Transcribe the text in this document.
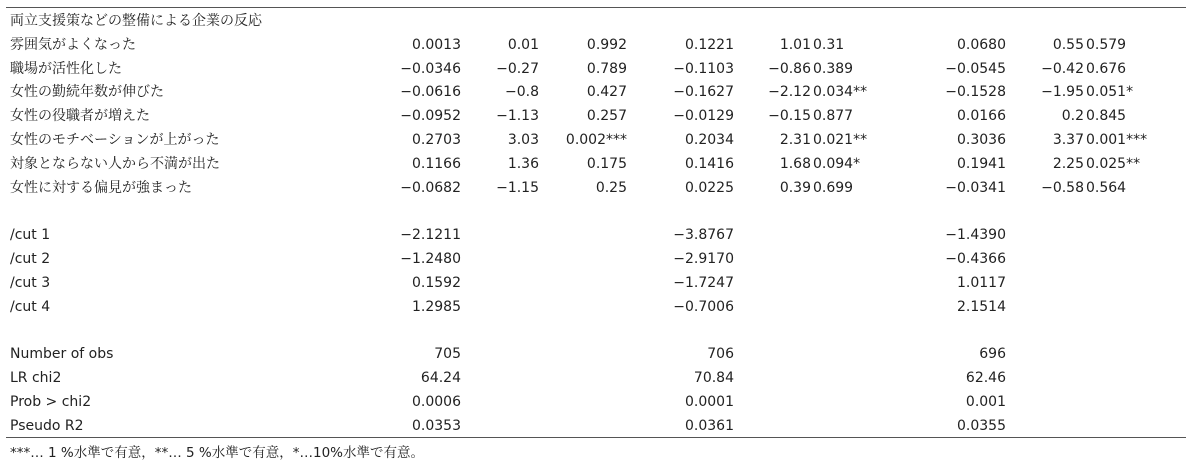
両立支援策などの整備による企業の反応									
雰囲気がよくなった	0.0013	0.01	0.992	0.1221	1.01	0.31	0.0680	0.55	0.579
職場が活性化した	−0.0346	−0.27	0.789	−0.1103	−0.86	0.389	−0.0545	−0.42	0.676
女性の勤続年数が伸びた	−0.0616	−0.8	0.427	−0.1627	−2.12	0.034**	−0.1528	−1.95	0.051*
女性の役職者が増えた	−0.0952	−1.13	0.257	−0.0129	−0.15	0.877	0.0166	0.2	0.845
女性のモチベーションが上がった	0.2703	3.03	0.002***	0.2034	2.31	0.021**	0.3036	3.37	0.001***
対象とならない人から不満が出た	0.1166	1.36	0.175	0.1416	1.68	0.094*	0.1941	2.25	0.025**
女性に対する偏見が強まった	−0.0682	−1.15	0.25	0.0225	0.39	0.699	−0.0341	−0.58	0.564

/cut 1	−2.1211			−3.8767			−1.4390		
/cut 2	−1.2480			−2.9170			−0.4366		
/cut 3	0.1592			−1.7247			1.0117		
/cut 4	1.2985			−0.7006			2.1514		

Number of obs	705			706			696		
LR chi2	64.24			70.84			62.46		
Prob > chi2	0.0006			0.0001			0.001		
Pseudo R2	0.0353			0.0361			0.0355		
***… 1 %水準で有意，**… 5 %水準で有意，*…10%水準で有意。
